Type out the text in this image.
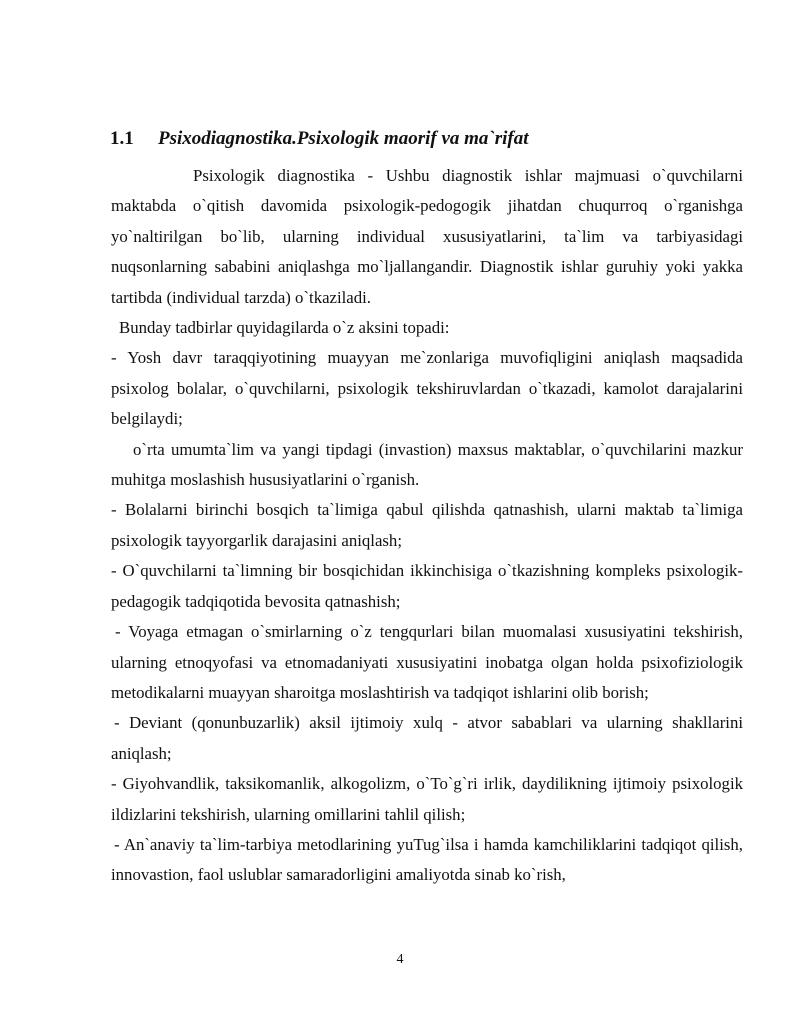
1.1 Psixodiagnostika.Psixologik maorif va ma`rifat

Psixologik diagnostika - Ushbu diagnostik ishlar majmuasi o`quvchilarni maktabda o`qitish davomida psixologik-pedogogik jihatdan chuqurroq o`rganishga yo`naltirilgan bo`lib, ularning individual xususiyatlarini, ta`lim va tarbiyasidagi nuqsonlarning sababini aniqlashga mo`ljallangandir. Diagnostik ishlar guruhiy yoki yakka tartibda (individual tarzda) o`tkaziladi.

Bunday tadbirlar quyidagilarda o`z aksini topadi:

- Yosh davr taraqqiyotining muayyan me`zonlariga muvofiqligini aniqlash maqsadida psixolog bolalar, o`quvchilarni, psixologik tekshiruvlardan o`tkazadi, kamolot darajalarini belgilaydi;

o`rta umumta`lim va yangi tipdagi (invastion) maxsus maktablar, o`quvchilarini mazkur muhitga moslashish hususiyatlarini o`rganish.

- Bolalarni birinchi bosqich ta`limiga qabul qilishda qatnashish, ularni maktab ta`limiga psixologik tayyorgarlik darajasini aniqlash;

- O`quvchilarni ta`limning bir bosqichidan ikkinchisiga o`tkazishning kompleks psixologik-pedagogik tadqiqotida bevosita qatnashish;

- Voyaga etmagan o`smirlarning o`z tengqurlari bilan muomalasi xususiyatini tekshirish, ularning etnoqyofasi va etnomadaniyati xususiyatini inobatga olgan holda psixofiziologik metodikalarni muayyan sharoitga moslashtirish va tadqiqot ishlarini olib borish;

- Deviant (qonunbuzarlik) aksil ijtimoiy xulq - atvor sabablari va ularning shakllarini aniqlash;

- Giyohvandlik, taksikomanlik, alkogolizm, o`To`g`ri irlik, daydilikning ijtimoiy psixologik ildizlarini tekshirish, ularning omillarini tahlil qilish;

- An`anaviy ta`lim-tarbiya metodlarining yuTug`ilsa i hamda kamchiliklarini tadqiqot qilish, innovastion, faol uslublar samaradorligini amaliyotda sinab ko`rish,

4
